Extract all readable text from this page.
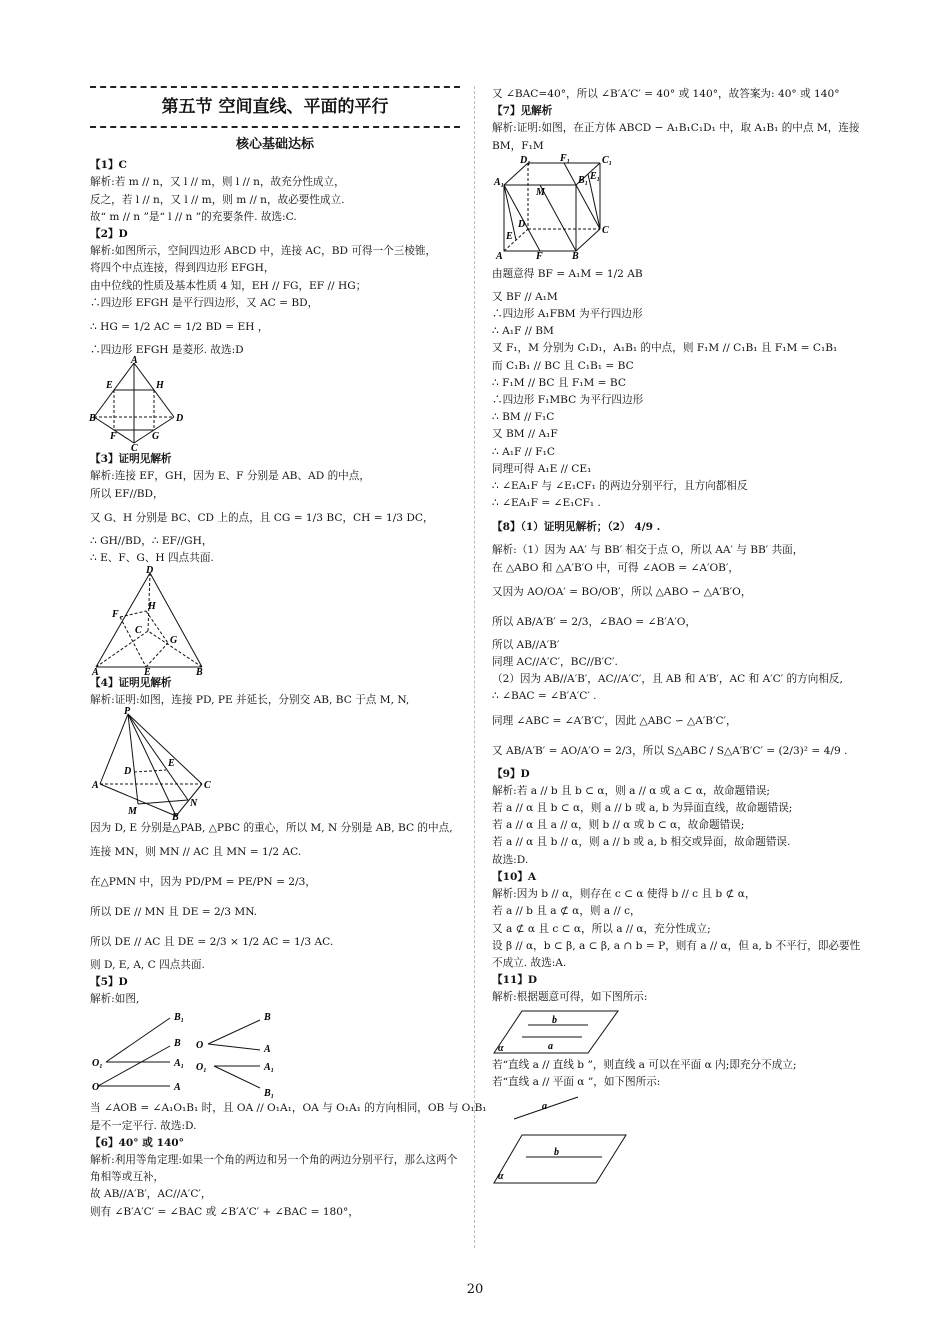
第五节 空间直线、平面的平行
核心基础达标
【1】C
解析:若 m // n，又 l // m，则 l // n，故充分性成立，
反之，若 l // n，又 l // m，则 m // n，故必要性成立.
故“ m // n ”是“ l // n ”的充要条件. 故选:C.
【2】D
解析:如图所示，空间四边形 ABCD 中，连接 AC，BD 可得一个三棱锥，
将四个中点连接，得到四边形 EFGH，
由中位线的性质及基本性质 4 知，EH // FG，EF // HG；
∴四边形 EFGH 是平行四边形，又 AC = BD，
∴ HG = 1/2 AC = 1/2 BD = EH ，
∴四边形 EFGH 是菱形. 故选:D
A
E	H
B	D
F	G
C
【3】证明见解析
解析:连接 EF，GH，因为 E、F 分别是 AB、AD 的中点，
所以 EF//BD，
又 G、H 分别是 BC、CD 上的点，且 CG = 1/3 BC，CH = 1/3 DC，
∴ GH//BD，∴ EF//GH，
∴ E、F、G、H 四点共面.
D
H
F
C
G
A	E	B
【4】证明见解析
解析:证明:如图，连接 PD, PE 并延长，分别交 AB, BC 于点 M, N,
P
E
D
A	C
M
N
B
因为 D, E 分别是△PAB, △PBC 的重心，所以 M, N 分别是 AB, BC 的中点,
连接 MN，则 MN // AC 且 MN = 1/2 AC.
在△PMN 中，因为 PD/PM = PE/PN = 2/3，
所以 DE // MN 且 DE = 2/3 MN.
所以 DE // AC 且 DE = 2/3 × 1/2 AC = 1/3 AC.
则 D, E, A, C 四点共面.
【5】D
解析:如图,
B₁
B
O₁	A₁
O	A
B
O	A
O₁	A₁
B₁
当 ∠AOB = ∠A₁O₁B₁ 时，且 OA // O₁A₁，OA 与 O₁A₁ 的方向相同，OB 与 O₁B₁
是不一定平行. 故选:D.
【6】40° 或 140°
解析:利用等角定理:如果一个角的两边和另一个角的两边分别平行，那么这两个角相等或互补，
故 AB//A′B′，AC//A′C′，
则有 ∠B′A′C′ = ∠BAC 或 ∠B′A′C′ + ∠BAC = 180°，
又 ∠BAC=40°，所以 ∠B′A′C′ = 40° 或 140°，故答案为: 40° 或 140°
【7】见解析
解析:证明:如图，在正方体 ABCD − A₁B₁C₁D₁ 中，取 A₁B₁ 的中点 M，连接 BM，F₁M
D₁	F₁	C₁
E₁
A₁
M
B₁
D
E
A	F	B
C
由题意得 BF = A₁M = 1/2 AB
又 BF // A₁M
∴四边形 A₁FBM 为平行四边形
∴ A₁F // BM
又 F₁，M 分别为 C₁D₁，A₁B₁ 的中点，则 F₁M // C₁B₁ 且 F₁M = C₁B₁
而 C₁B₁ // BC 且 C₁B₁ = BC
∴ F₁M // BC 且 F₁M = BC
∴四边形 F₁MBC 为平行四边形
∴ BM // F₁C
又 BM // A₁F
∴ A₁F // F₁C
同理可得 A₁E // CE₁
∴ ∠EA₁F 与 ∠E₁CF₁ 的两边分别平行，且方向都相反
∴ ∠EA₁F = ∠E₁CF₁ .
【8】（1）证明见解析；（2） 4/9 .
解析:（1）因为 AA′ 与 BB′ 相交于点 O，所以 AA′ 与 BB′ 共面，
在 △ABO 和 △A′B′O 中，可得 ∠AOB = ∠A′OB′，
又因为 AO/OA′ = BO/OB′，所以 △ABO ∽ △A′B′O，
所以 AB/A′B′ = 2/3，∠BAO = ∠B′A′O，
所以 AB//A′B′
同理 AC//A′C′，BC//B′C′.
（2）因为 AB//A′B′，AC//A′C′，且 AB 和 A′B′，AC 和 A′C′ 的方向相反,
∴ ∠BAC = ∠B′A′C′ .
同理 ∠ABC = ∠A′B′C′，因此 △ABC ∽ △A′B′C′，
又 AB/A′B′ = AO/A′O = 2/3，所以 S△ABC / S△A′B′C′ = (2/3)² = 4/9 .
【9】D
解析:若 a // b 且 b ⊂ α，则 a // α 或 a ⊂ α，故命题错误;
若 a // α 且 b ⊂ α，则 a // b 或 a, b 为异面直线，故命题错误;
若 a // α 且 a // α，则 b // α 或 b ⊂ α，故命题错误;
若 a // α 且 b // α，则 a // b 或 a, b 相交或异面，故命题错误.
故选:D.
【10】A
解析:因为 b // α，则存在 c ⊂ α 使得 b // c 且 b ⊄ α，
若 a // b 且 a ⊄ α，则 a // c，
又 a ⊄ α 且 c ⊂ α，所以 a // α，充分性成立;
设 β // α，b ⊂ β, a ⊂ β, a ∩ b = P，则有 a // α，但 a, b 不平行，即必要性不成立. 故选:A.
【11】D
解析:根据题意可得，如下图所示:
b
a
α
若“直线 a // 直线 b ”，则直线 a 可以在平面 α 内;即充分不成立;
若“直线 a // 平面 α ”，如下图所示:
a
b
α
20
